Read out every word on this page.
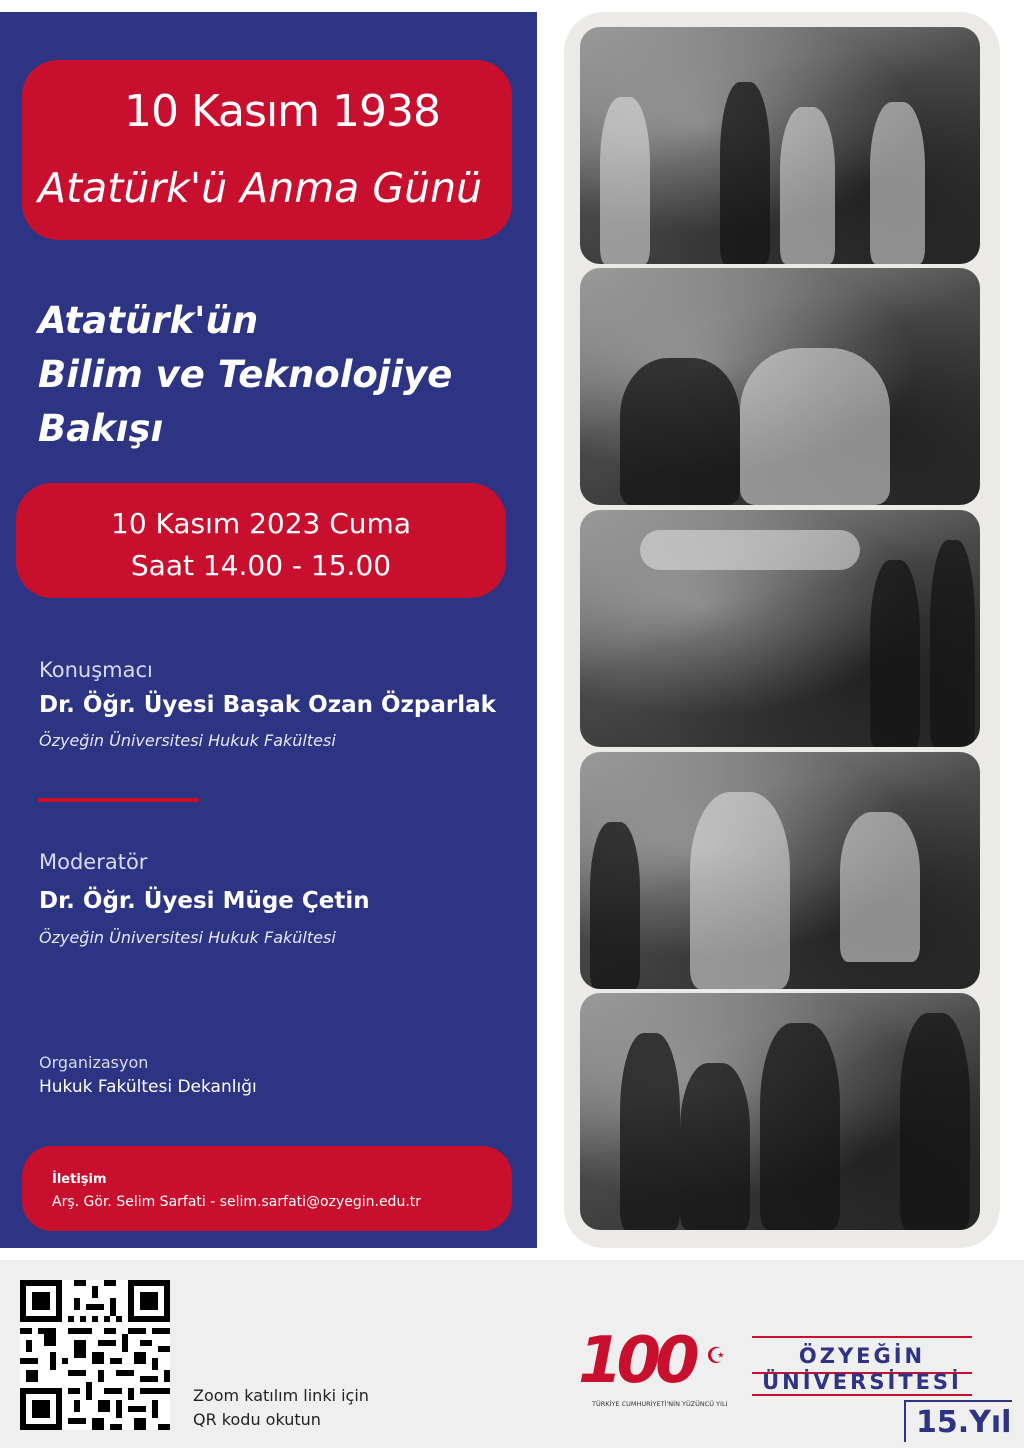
10 Kasım 1938
Atatürk'ü Anma Günü
Atatürk'ün
Bilim ve Teknolojiye
Bakışı
10 Kasım 2023 Cuma
Saat 14.00 - 15.00
Konuşmacı
Dr. Öğr. Üyesi Başak Ozan Özparlak
Özyeğin Üniversitesi Hukuk Fakültesi
Moderatör
Dr. Öğr. Üyesi Müge Çetin
Özyeğin Üniversitesi Hukuk Fakültesi
Organizasyon
Hukuk Fakültesi Dekanlığı
İletişim
Arş. Gör. Selim Sarfati - selim.sarfati@ozyegin.edu.tr
Zoom katılım linki için
QR kodu okutun
100 ☪
TÜRKİYE CUMHURİYETİ'NİN YÜZÜNCÜ YILI
ÖZYEĞİN
ÜNİVERSİTESİ
15.Yıl
